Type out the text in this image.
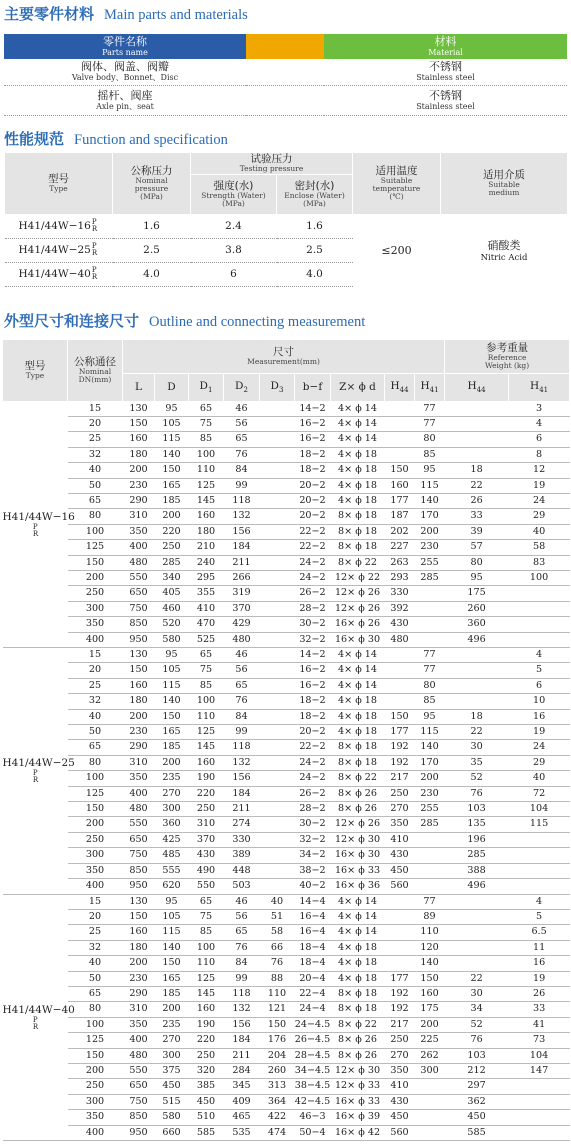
主要零件材料 Main parts and materials
零件名称
Parts name		材料
Material

阀体、阀盖、阀瓣
Valve body、Bonnet、Disc		不锈钢
Stainless steel

摇杆、阀座
Axle pin、seat		不锈钢
Stainless steel
性能规范 Function and specification
型号
Type	公称压力
Nominal
pressure
(MPa)	试验压力
Testing pressure		适用温度
Suitable
temperature
(℃)	适用介质
Suitable
medium

		强度(水)
Strength (Water)
(MPa)	密封(水)
Enclose (Water)
(MPa)		

H41/44W−16 P
R	1.6	2.4	1.6	≤200	硝酸类
Nitric Acid

H41/44W−25 P
R	2.5	3.8	2.5		
H41/44W−40 P
R	4.0	6	4.0		
外型尺寸和连接尺寸 Outline and connecting measurement
型号
Type	公称通径
Nominal
DN(mm)	尺寸
Measurement(mm)									参考重量
Reference
Weight (kg)	

		L	D	$D_1$	$D_2$	$D_3$	b−f	Z× ϕ d	$H_{44}$	$H_{41}$	$H_{44}$	$H_{41}$
H41/44W−16
P
R	15	130	95	65	46		14−2	4× ϕ 14		77		3
	20	150	105	75	56		16−2	4× ϕ 14		77		4
	25	160	115	85	65		16−2	4× ϕ 14		80		6
	32	180	140	100	76		18−2	4× ϕ 18		85		8
	40	200	150	110	84		18−2	4× ϕ 18	150	95	18	12
	50	230	165	125	99		20−2	4× ϕ 18	160	115	22	19
	65	290	185	145	118		20−2	4× ϕ 18	177	140	26	24
	80	310	200	160	132		20−2	8× ϕ 18	187	170	33	29
	100	350	220	180	156		22−2	8× ϕ 18	202	200	39	40
	125	400	250	210	184		22−2	8× ϕ 18	227	230	57	58
	150	480	285	240	211		24−2	8× ϕ 22	263	255	80	83
	200	550	340	295	266		24−2	12× ϕ 22	293	285	95	100
	250	650	405	355	319		26−2	12× ϕ 26	330		175	
	300	750	460	410	370		28−2	12× ϕ 26	392		260	
	350	850	520	470	429		30−2	16× ϕ 26	430		360	
	400	950	580	525	480		32−2	16× ϕ 30	480		496	
H41/44W−25
P
R	15	130	95	65	46		14−2	4× ϕ 14		77		4
	20	150	105	75	56		16−2	4× ϕ 14		77		5
	25	160	115	85	65		16−2	4× ϕ 14		80		6
	32	180	140	100	76		18−2	4× ϕ 18		85		10
	40	200	150	110	84		18−2	4× ϕ 18	150	95	18	16
	50	230	165	125	99		20−2	4× ϕ 18	177	115	22	19
	65	290	185	145	118		22−2	8× ϕ 18	192	140	30	24
	80	310	200	160	132		24−2	8× ϕ 18	192	170	35	29
	100	350	235	190	156		24−2	8× ϕ 22	217	200	52	40
	125	400	270	220	184		26−2	8× ϕ 26	250	230	76	72
	150	480	300	250	211		28−2	8× ϕ 26	270	255	103	104
	200	550	360	310	274		30−2	12× ϕ 26	350	285	135	115
	250	650	425	370	330		32−2	12× ϕ 30	410		196	
	300	750	485	430	389		34−2	16× ϕ 30	430		285	
	350	850	555	490	448		38−2	16× ϕ 33	450		388	
	400	950	620	550	503		40−2	16× ϕ 36	560		496	
H41/44W−40
P
R	15	130	95	65	46	40	14−4	4× ϕ 14		77		4
	20	150	105	75	56	51	16−4	4× ϕ 14		89		5
	25	160	115	85	65	58	16−4	4× ϕ 14		110		6.5
	32	180	140	100	76	66	18−4	4× ϕ 18		120		11
	40	200	150	110	84	76	18−4	4× ϕ 18		140		16
	50	230	165	125	99	88	20−4	4× ϕ 18	177	150	22	19
	65	290	185	145	118	110	22−4	8× ϕ 18	192	160	30	26
	80	310	200	160	132	121	24−4	8× ϕ 18	192	175	34	33
	100	350	235	190	156	150	24−4.5	8× ϕ 22	217	200	52	41
	125	400	270	220	184	176	26−4.5	8× ϕ 26	250	225	76	73
	150	480	300	250	211	204	28−4.5	8× ϕ 26	270	262	103	104
	200	550	375	320	284	260	34−4.5	12× ϕ 30	350	300	212	147
	250	650	450	385	345	313	38−4.5	12× ϕ 33	410		297	
	300	750	515	450	409	364	42−4.5	16× ϕ 33	430		362	
	350	850	580	510	465	422	46−3	16× ϕ 39	450		450	
	400	950	660	585	535	474	50−4	16× ϕ 42	560		585	
